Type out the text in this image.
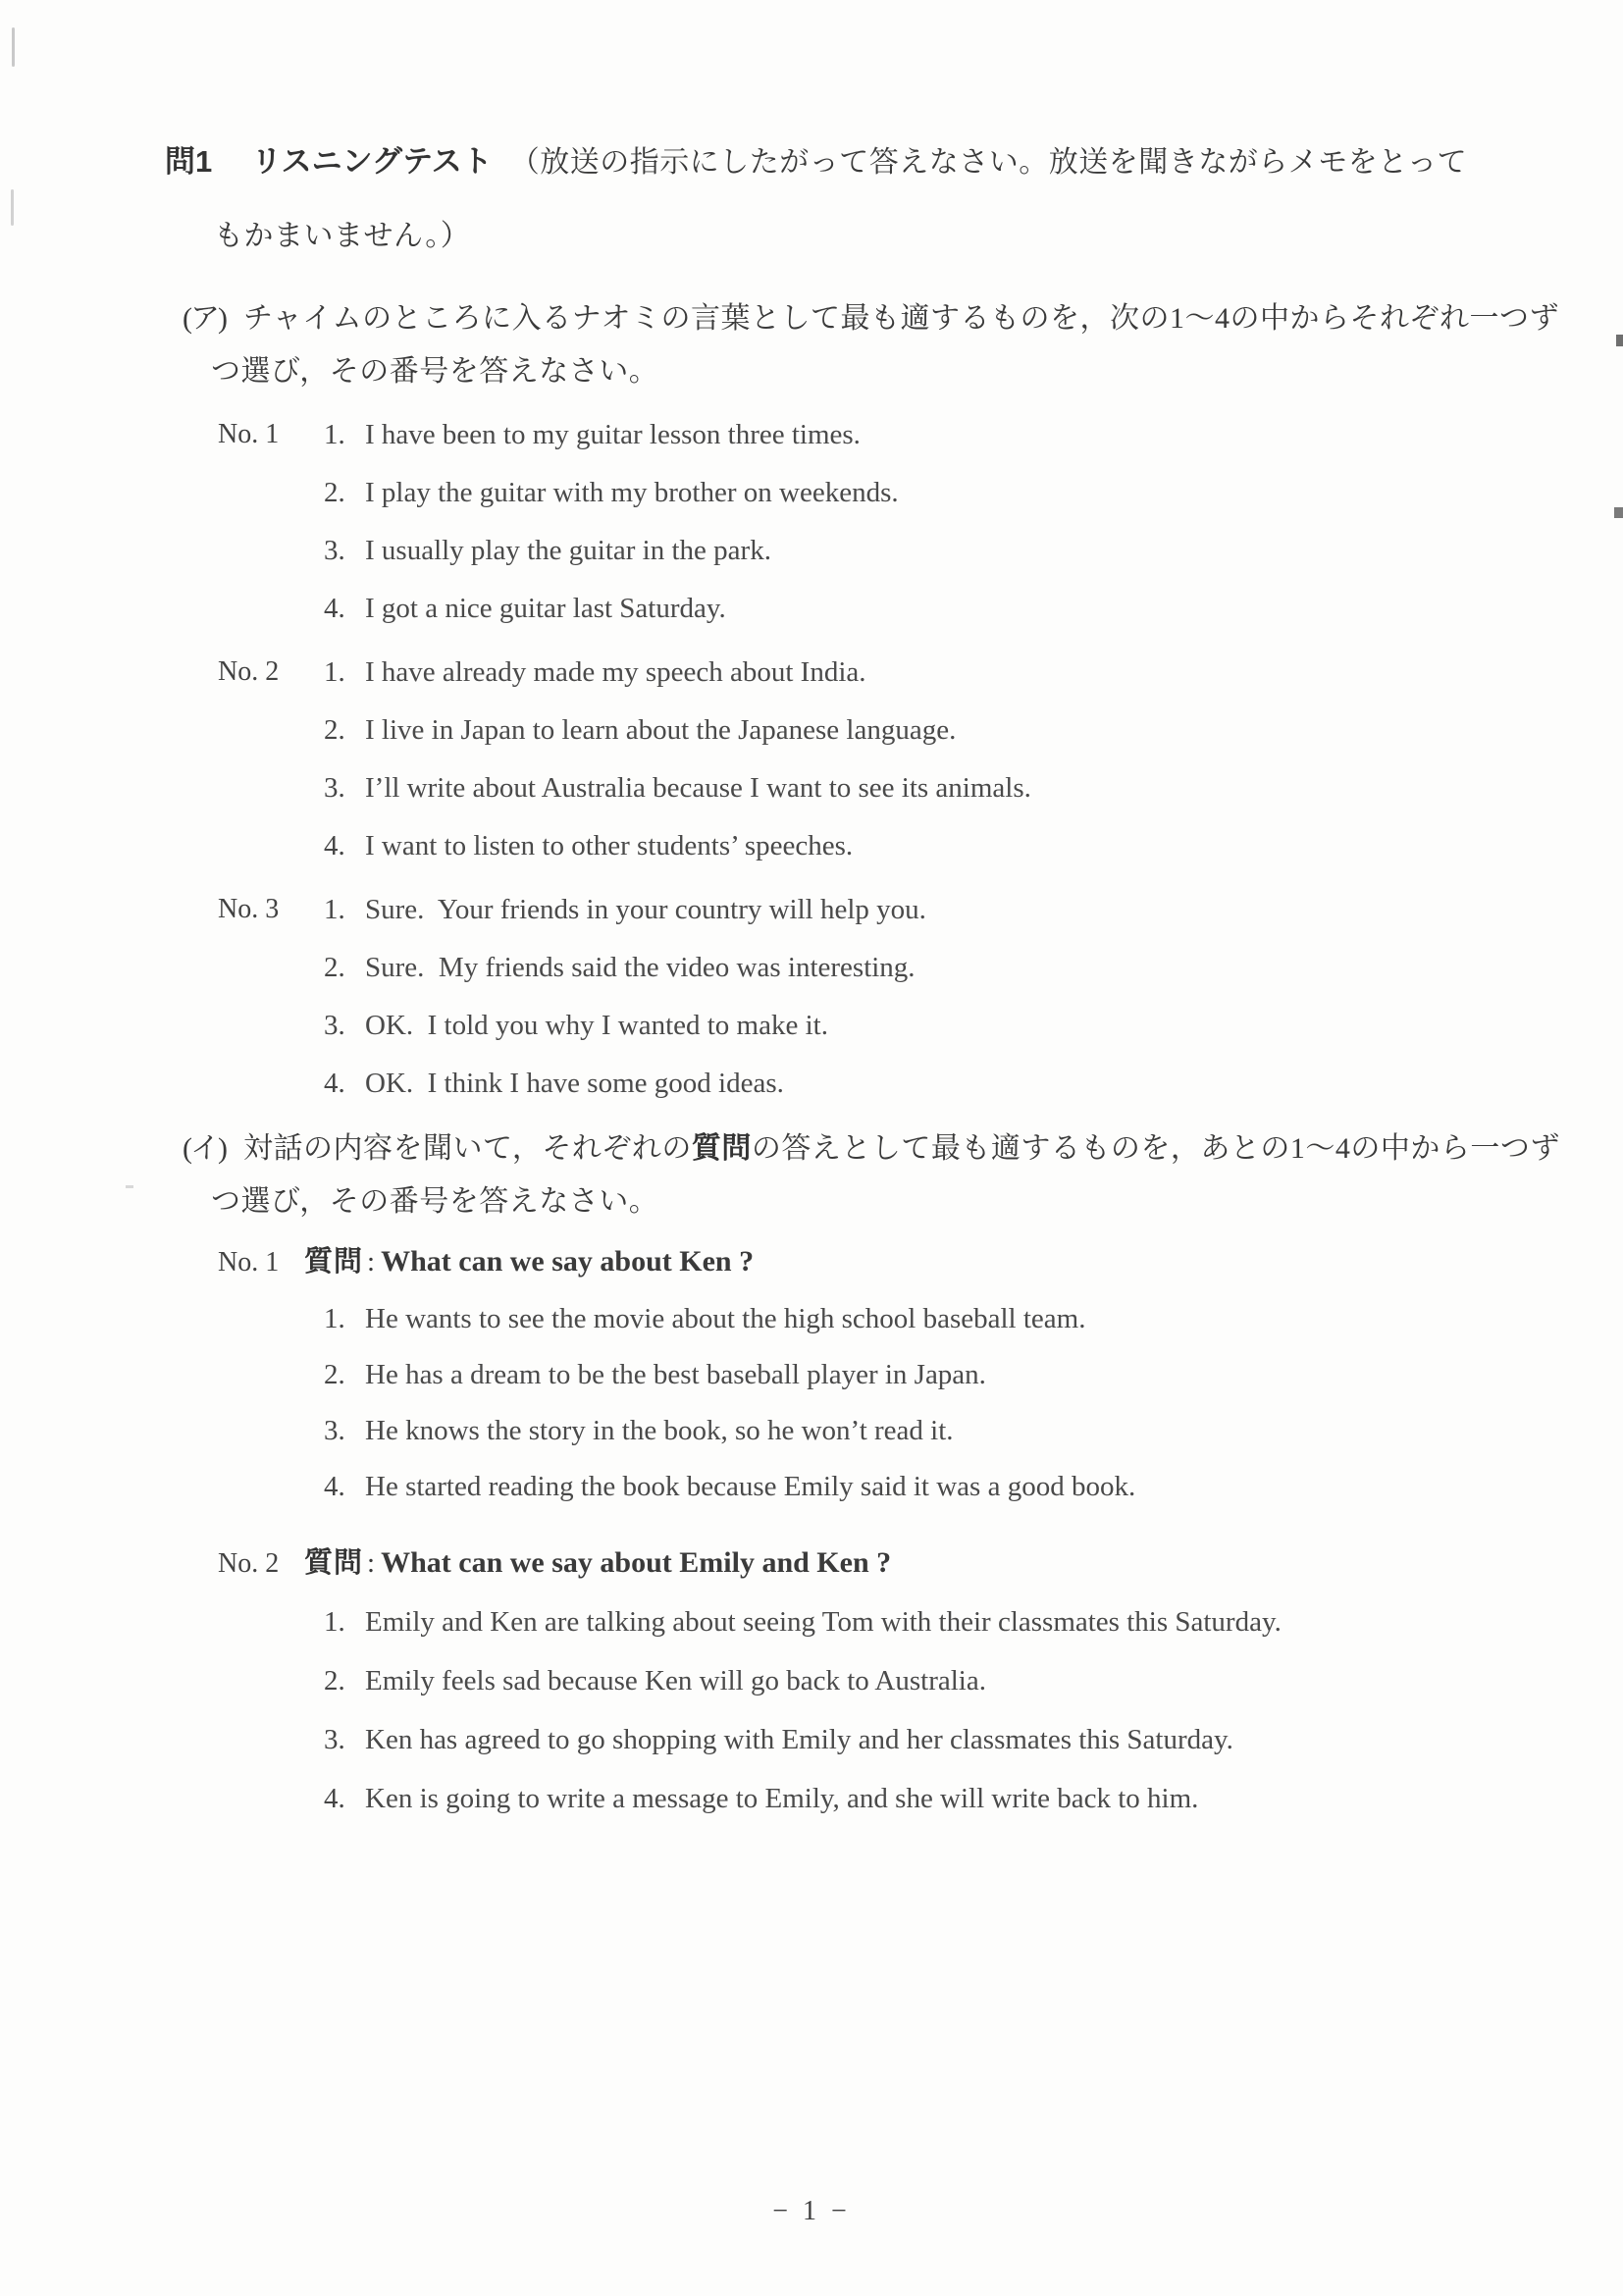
問1 リスニングテスト （放送の指示にしたがって答えなさい。放送を聞きながらメモをとって
もかまいません。）
(ア) チャイムのところに入るナオミの言葉として最も適するものを，次の1～4の中からそれぞれ一つず
つ選び，その番号を答えなさい。
No. 1 1. I have been to my guitar lesson three times.
2. I play the guitar with my brother on weekends.
3. I usually play the guitar in the park.
4. I got a nice guitar last Saturday.
No. 2 1. I have already made my speech about India.
2. I live in Japan to learn about the Japanese language.
3. I’ll write about Australia because I want to see its animals.
4. I want to listen to other students’ speeches.
No. 3 1. Sure.  Your friends in your country will help you.
2. Sure.  My friends said the video was interesting.
3. OK.  I told you why I wanted to make it.
4. OK.  I think I have some good ideas.
(イ) 対話の内容を聞いて，それぞれの質問の答えとして最も適するものを，あとの1～4の中から一つず
つ選び，その番号を答えなさい。
No. 1 質問 : What can we say about Ken ?
1. He wants to see the movie about the high school baseball team.
2. He has a dream to be the best baseball player in Japan.
3. He knows the story in the book, so he won’t read it.
4. He started reading the book because Emily said it was a good book.
No. 2 質問 : What can we say about Emily and Ken ?
1. Emily and Ken are talking about seeing Tom with their classmates this Saturday.
2. Emily feels sad because Ken will go back to Australia.
3. Ken has agreed to go shopping with Emily and her classmates this Saturday.
4. Ken is going to write a message to Emily, and she will write back to him.
− 1 −
